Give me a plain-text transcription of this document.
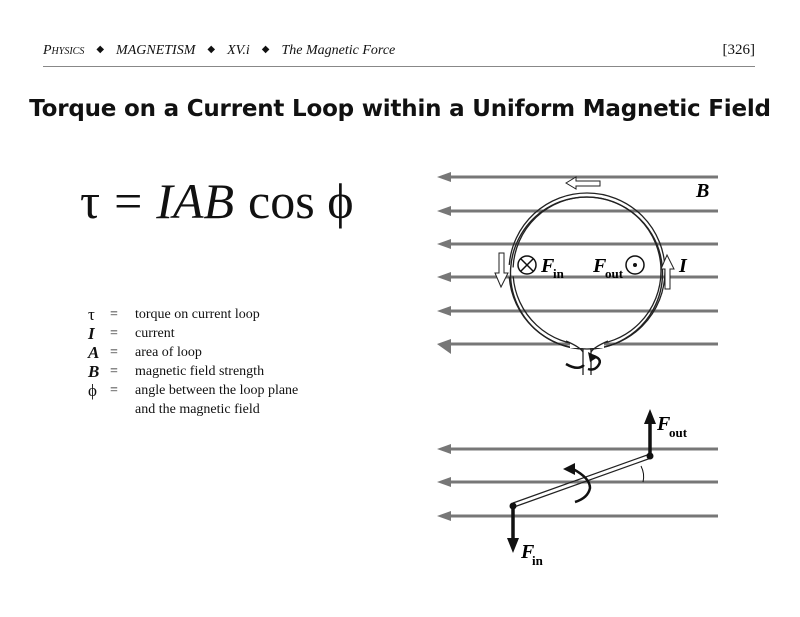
Physics ◆ MAGNETISM ◆ XV.i ◆ The Magnetic Force	[326]
Torque on a Current Loop within a Uniform Magnetic Field
τ = IAB cos ϕ
τ	=	torque on current loop
I	=	current
A =	area of loop
B =	magnetic field strength
ϕ =	angle between the loop plane
and the magnetic field
F
in F
out	I
B
F
out
F
in
